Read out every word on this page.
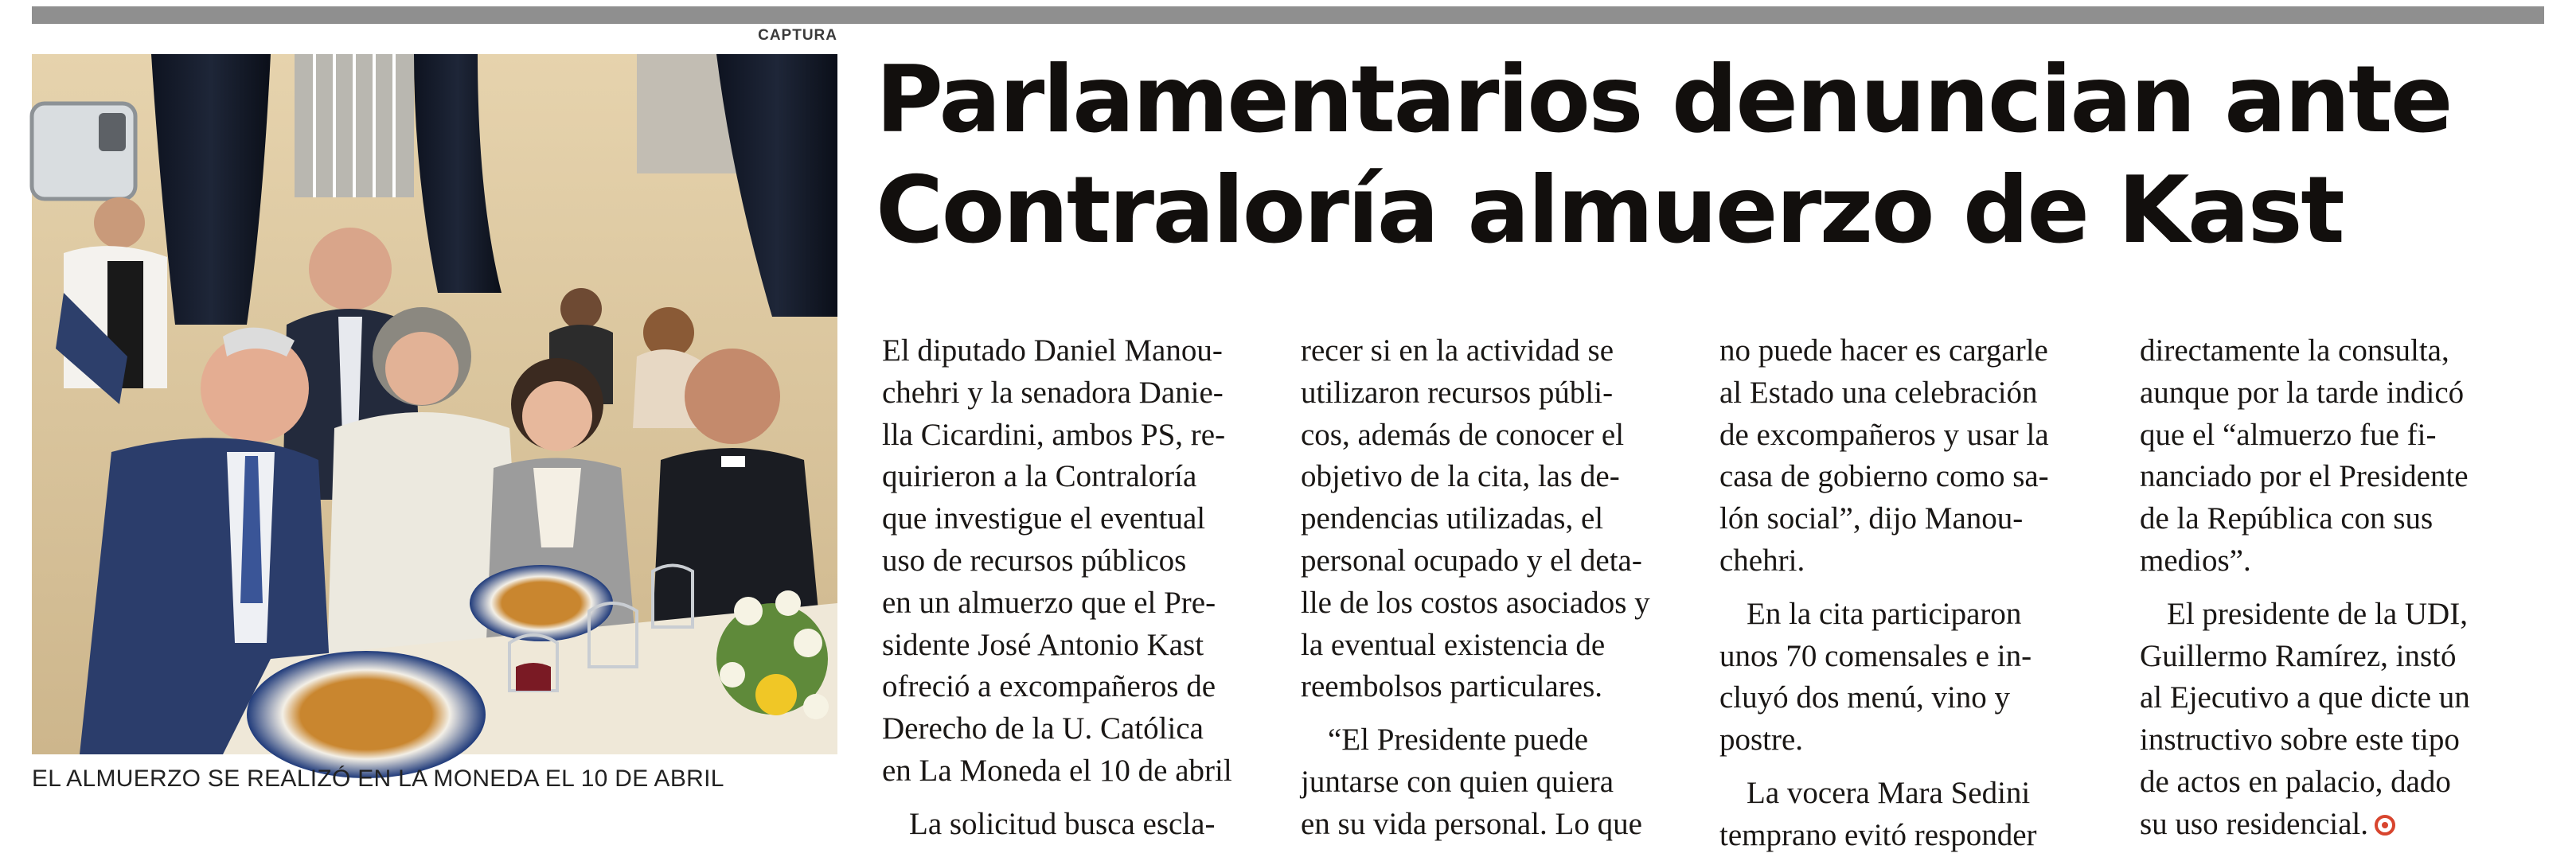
CAPTURA
EL ALMUERZO SE REALIZÓ EN LA MONEDA EL 10 DE ABRIL
Parlamentarios denuncian ante
Contraloría almuerzo de Kast

El diputado Daniel Manou-

chehri y la senadora Danie-

lla Cicardini, ambos PS, re-

quirieron a la Contraloría

que investigue el eventual

uso de recursos públicos

en un almuerzo que el Pre-

sidente José Antonio Kast

ofreció a excompañeros de

Derecho de la U. Católica

en La Moneda el 10 de abril

La solicitud busca escla-

recer si en la actividad se

utilizaron recursos públi-

cos, además de conocer el

objetivo de la cita, las de-

pendencias utilizadas, el

personal ocupado y el deta-

lle de los costos asociados y

la eventual existencia de

reembolsos particulares.

“El Presidente puede

juntarse con quien quiera

en su vida personal. Lo que

no puede hacer es cargarle

al Estado una celebración

de excompañeros y usar la

casa de gobierno como sa-

lón social”, dijo Manou-

chehri.

En la cita participaron

unos 70 comensales e in-

cluyó dos menú, vino y

postre.

La vocera Mara Sedini

temprano evitó responder

directamente la consulta,

aunque por la tarde indicó

que el “almuerzo fue fi-

nanciado por el Presidente

de la República con sus

medios”.

El presidente de la UDI,

Guillermo Ramírez, instó

al Ejecutivo a que dicte un

instructivo sobre este tipo

de actos en palacio, dado

su uso residencial.
